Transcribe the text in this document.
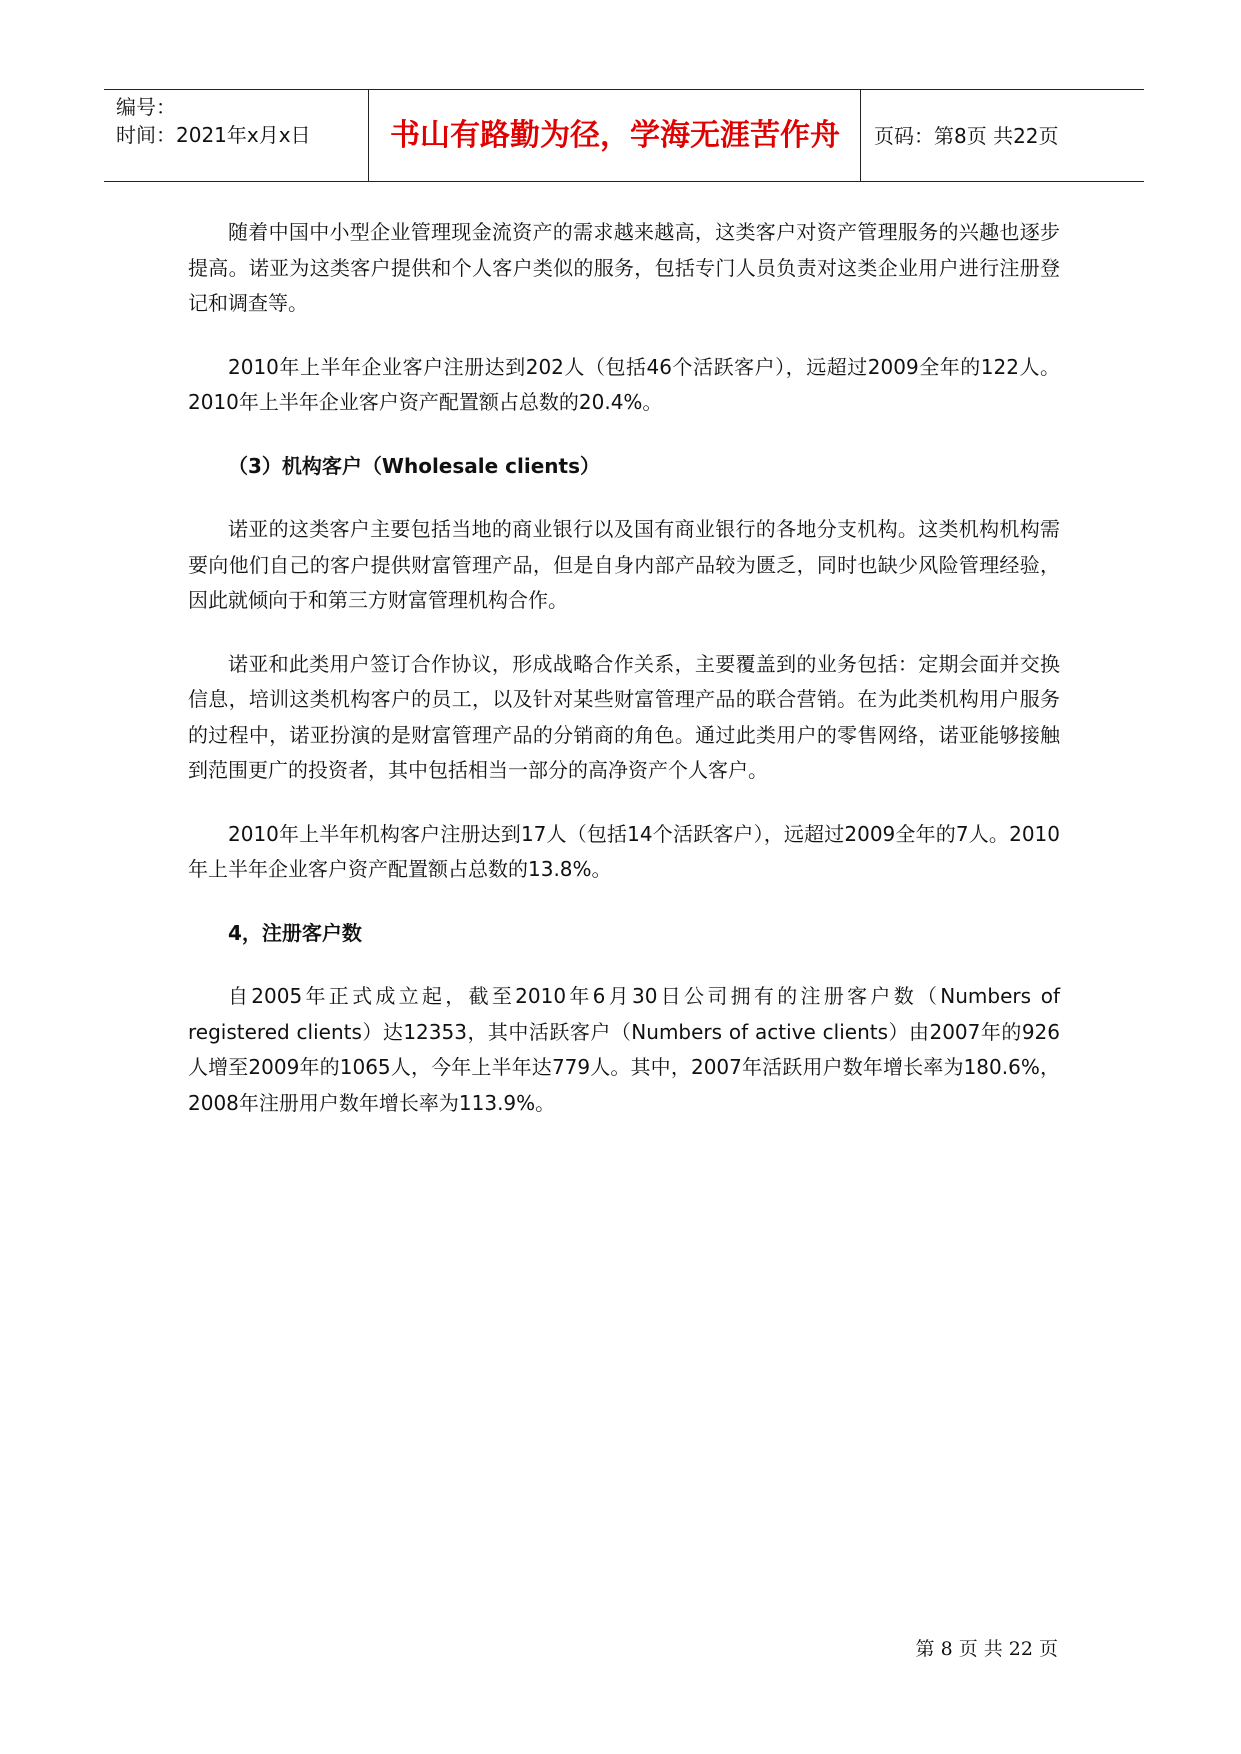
编号：
时间：2021年x月x日	书山有路勤为径，学海无涯苦作舟	页码：第8页 共22页

随着中国中小型企业管理现金流资产的需求越来越高，这类客户对资产管理服务的兴趣也逐步提高。诺亚为这类客户提供和个人客户类似的服务，包括专门人员负责对这类企业用户进行注册登记和调查等。

2010年上半年企业客户注册达到202人（包括46个活跃客户），远超过2009全年的122人。2010年上半年企业客户资产配置额占总数的20.4%。

（3）机构客户（Wholesale clients）

诺亚的这类客户主要包括当地的商业银行以及国有商业银行的各地分支机构。这类机构机构需要向他们自己的客户提供财富管理产品，但是自身内部产品较为匮乏，同时也缺少风险管理经验，因此就倾向于和第三方财富管理机构合作。

诺亚和此类用户签订合作协议，形成战略合作关系，主要覆盖到的业务包括：定期会面并交换信息，培训这类机构客户的员工，以及针对某些财富管理产品的联合营销。在为此类机构用户服务的过程中，诺亚扮演的是财富管理产品的分销商的角色。通过此类用户的零售网络，诺亚能够接触到范围更广的投资者，其中包括相当一部分的高净资产个人客户。

2010年上半年机构客户注册达到17人（包括14个活跃客户），远超过2009全年的7人。2010年上半年企业客户资产配置额占总数的13.8%。

4，注册客户数

自2005年正式成立起，截至2010年6月30日公司拥有的注册客户数（Numbers of registered clients）达12353，其中活跃客户（Numbers of active clients）由2007年的926人增至2009年的1065人，今年上半年达779人。其中，2007年活跃用户数年增长率为180.6%，2008年注册用户数年增长率为113.9%。

第 8 页 共 22 页
